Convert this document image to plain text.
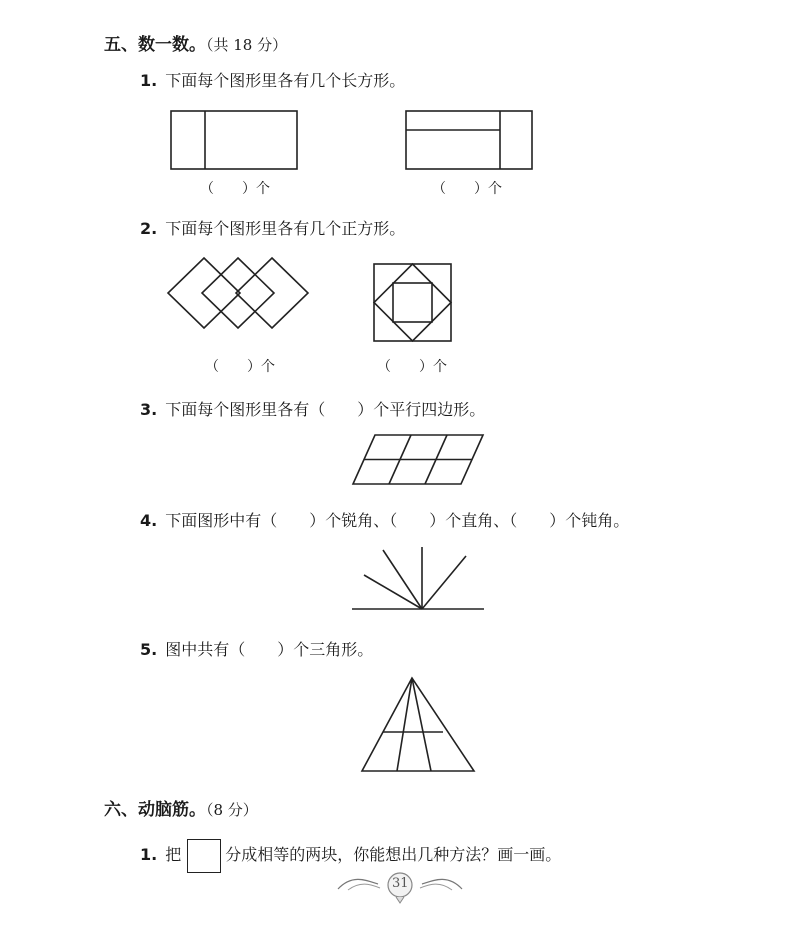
五、数一数。（共 18 分）
1. 下面每个图形里各有几个长方形。
（　　）个	（　　）个
2. 下面每个图形里各有几个正方形。
（　　）个	（　　）个
3. 下面每个图形里各有（　　）个平行四边形。
4. 下面图形中有（　　）个锐角、（　　）个直角、（　　）个钝角。
5. 图中共有（　　）个三角形。
六、动脑筋。（8 分）
1. 把	分成相等的两块，你能想出几种方法？画一画。
31
